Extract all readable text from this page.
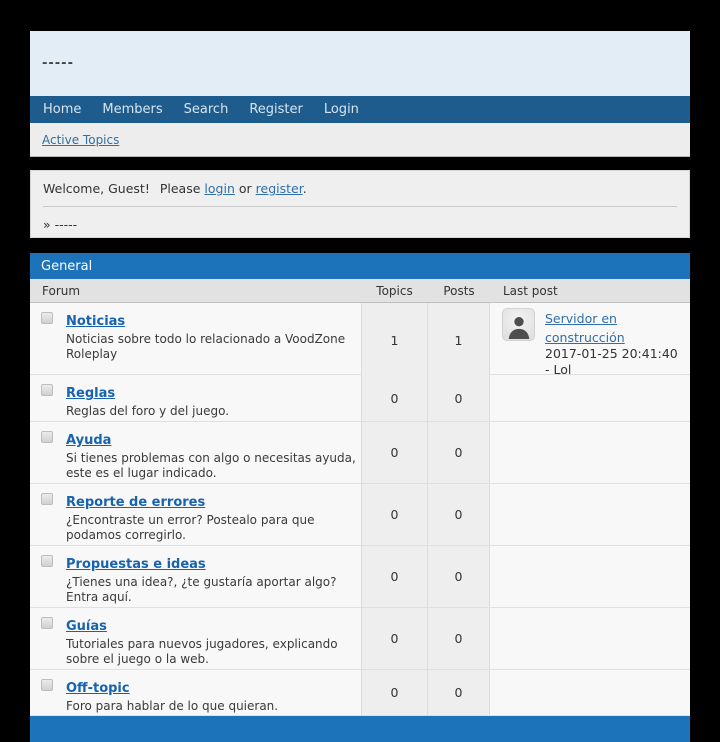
-----
Home Members Search Register Login
Active Topics
Welcome, Guest! Please login or register.
» -----
General
Forum	Topics	Posts	Last post
Noticias
Noticias sobre todo lo relacionado a VoodZone Roleplay
1	1
Servidor en construcción
2017-01-25 20:41:40 - Lol
Reglas
Reglas del foro y del juego.
0	0
Ayuda
Si tienes problemas con algo o necesitas ayuda, este es el lugar indicado.
0	0
Reporte de errores
¿Encontraste un error? Postealo para que podamos corregirlo.
0	0
Propuestas e ideas
¿Tienes una idea?, ¿te gustaría aportar algo? Entra aquí.
0	0
Guías
Tutoriales para nuevos jugadores, explicando sobre el juego o la web.
0	0
Off-topic
Foro para hablar de lo que quieran.
0	0
